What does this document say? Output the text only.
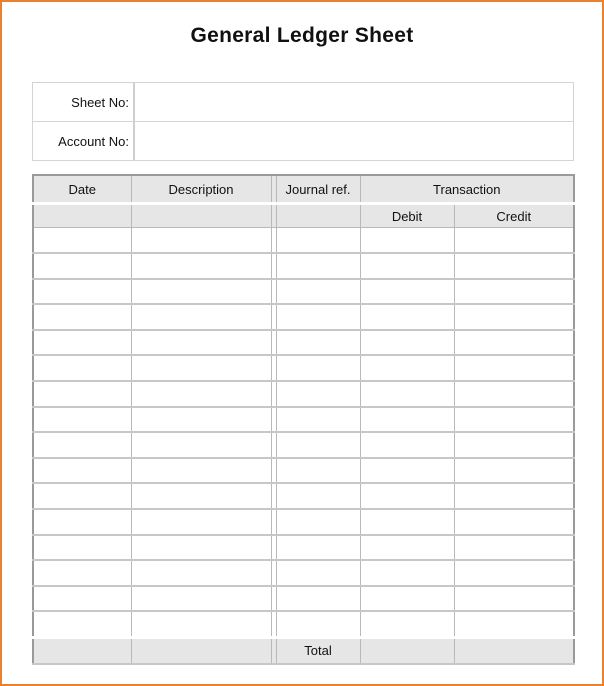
General Ledger Sheet
Sheet No:
Account No:
Date	Description		Journal ref.	Transaction	
				Debit	Credit

			Total		
